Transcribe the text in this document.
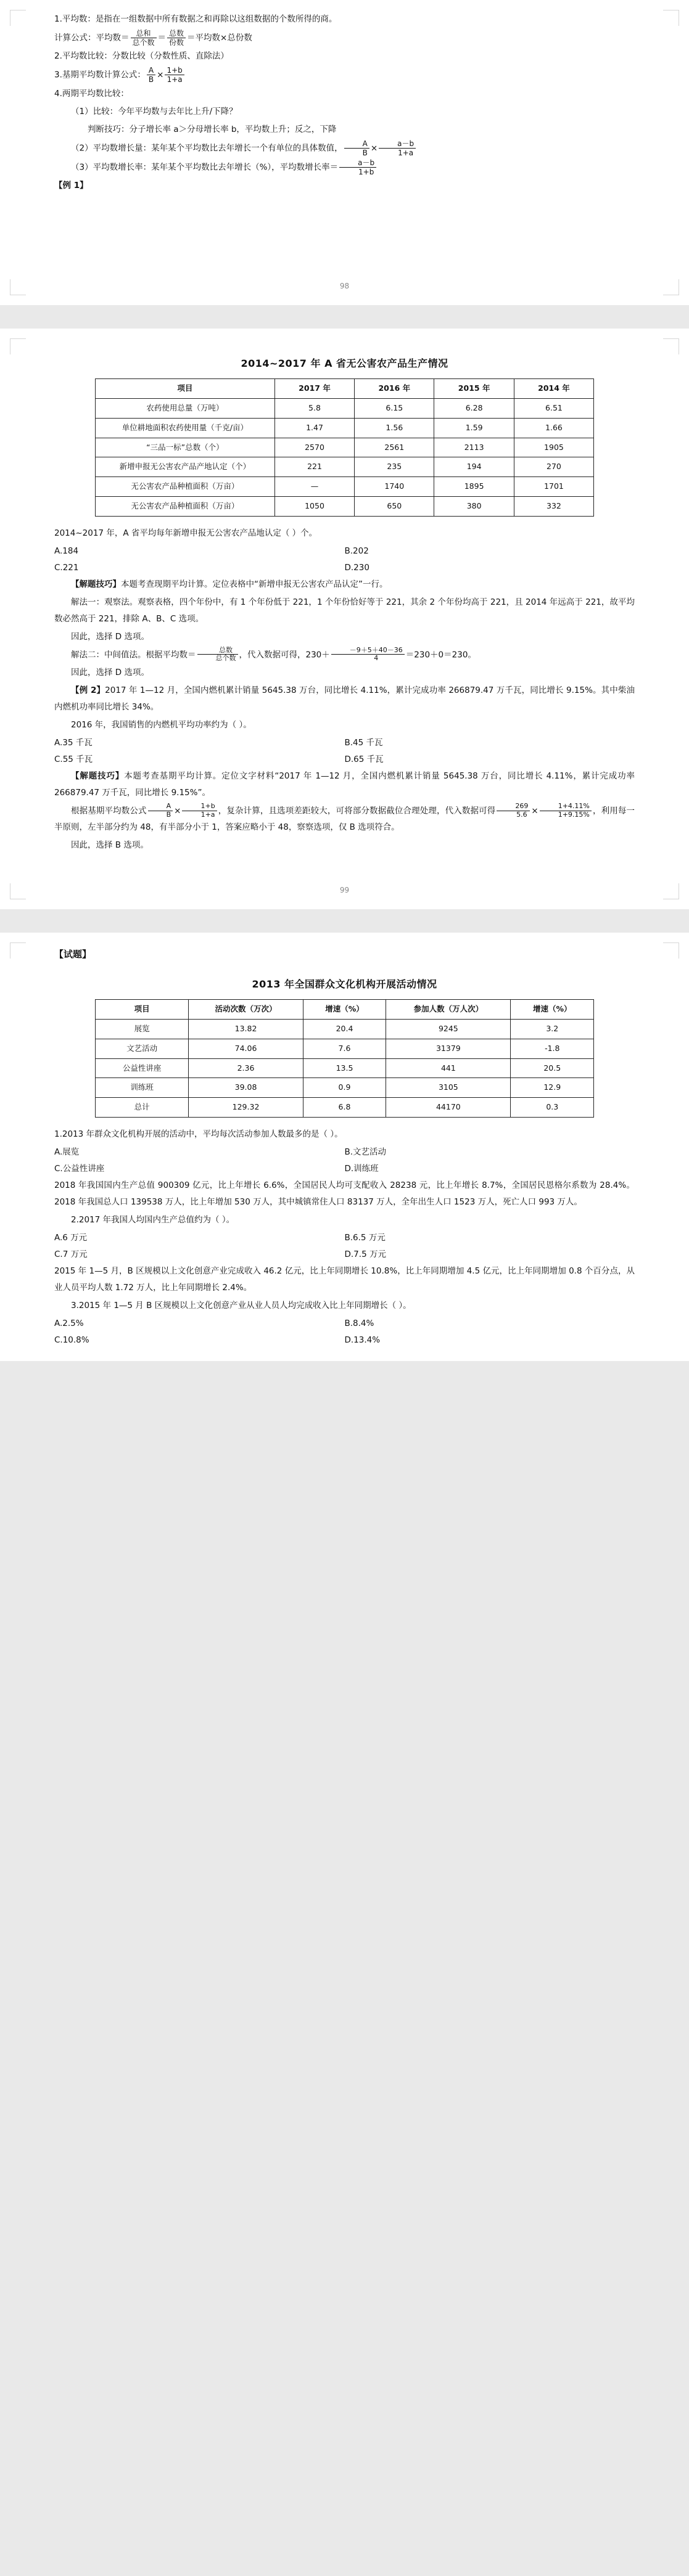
1.平均数：是指在一组数据中所有数据之和再除以这组数据的个数所得的商。

计算公式：平均数＝ $\frac{\text{总和}}{\text{总个数}} = \frac{\text{总数}}{\text{份数}}$ ＝平均数×总份数

2.平均数比较：分数比较（分数性质、直除法）

3.基期平均数计算公式： $\frac{A}{B} \times \frac{1+b}{1+a}$

4.两期平均数比较：

（1）比较：今年平均数与去年比上升/下降？

判断技巧：分子增长率 a＞分母增长率 b，平均数上升；反之，下降

（2）平均数增长量：某年某个平均数比去年增长一个有单位的具体数值， $\frac{A}{B} \times \frac{a-b}{1+a}$

（3）平均数增长率：某年某个平均数比去年增长（%），平均数增长率＝ $\frac{a-b}{1+b}$

【例 1】

98
2014~2017 年 A 省无公害农产品生产情况
项目	2017 年	2016 年	2015 年	2014 年
农药使用总量（万吨）	5.8	6.15	6.28	6.51
单位耕地面积农药使用量（千克/亩）	1.47	1.56	1.59	1.66
“三品一标”总数（个）	2570	2561	2113	1905
新增申报无公害农产品产地认定（个）	221	235	194	270
无公害农产品种植面积（万亩）	—	1740	1895	1701
无公害农产品种植面积（万亩）	1050	650	380	332

2014~2017 年，A 省平均每年新增申报无公害农产品地认定（ ）个。

A.184	B.202
C.221	D.230

【解题技巧】本题考查现期平均计算。定位表格中“新增申报无公害农产品认定”一行。

解法一：观察法。观察表格，四个年份中，有 1 个年份低于 221，1 个年份恰好等于 221，其余 2 个年份均高于 221，且 2014 年远高于 221，故平均数必然高于 221，排除 A、B、C 选项。

因此，选择 D 选项。

解法二：中间值法。根据平均数＝ $\frac{\text{总数}}{\text{总个数}}$ ，代入数据可得，$230+ \frac{-9+5+40-36}{4} =230+0=230$。

因此，选择 D 选项。

【例 2】2017 年 1—12 月，全国内燃机累计销量 5645.38 万台，同比增长 4.11%，累计完成功率 266879.47 万千瓦，同比增长 9.15%。其中柴油内燃机功率同比增长 34%。

2016 年，我国销售的内燃机平均功率约为（ ）。

A.35 千瓦	B.45 千瓦
C.55 千瓦	D.65 千瓦

【解题技巧】本题考查基期平均计算。定位文字材料“2017 年 1—12 月，全国内燃机累计销量 5645.38 万台，同比增长 4.11%，累计完成功率 266879.47 万千瓦，同比增长 9.15%”。

根据基期平均数公式 $\frac{A}{B} \times \frac{1+b}{1+a}$ ，复杂计算，且选项差距较大，可将部分数据截位合理处理，代入数据可得 $\frac{269}{5.6} \times \frac{1+4.11\%}{1+9.15\%}$ ，利用每一半原则，左半部分约为 48，有半部分小于 1，答案应略小于 48，察察选项，仅 B 选项符合。

因此，选择 B 选项。

99

【试题】

2013 年全国群众文化机构开展活动情况
项目	活动次数（万次）	增速（%）	参加人数（万人次）	增速（%）
展览	13.82	20.4	9245	3.2
文艺活动	74.06	7.6	31379	-1.8
公益性讲座	2.36	13.5	441	20.5
训练班	39.08	0.9	3105	12.9
总计	129.32	6.8	44170	0.3

1.2013 年群众文化机构开展的活动中，平均每次活动参加人数最多的是（ ）。

A.展览	B.文艺活动
C.公益性讲座	D.训练班

2018 年我国国内生产总值 900309 亿元，比上年增长 6.6%，全国居民人均可支配收入 28238 元，比上年增长 8.7%，全国居民恩格尔系数为 28.4%。2018 年我国总人口 139538 万人，比上年增加 530 万人，其中城镇常住人口 83137 万人，全年出生人口 1523 万人，死亡人口 993 万人。

2.2017 年我国人均国内生产总值约为（ ）。

A.6 万元	B.6.5 万元
C.7 万元	D.7.5 万元

2015 年 1—5 月，B 区规模以上文化创意产业完成收入 46.2 亿元，比上年同期增长 10.8%，比上年同期增加 4.5 亿元，比上年同期增加 0.8 个百分点，从业人员平均人数 1.72 万人，比上年同期增长 2.4%。

3.2015 年 1—5 月 B 区规模以上文化创意产业从业人员人均完成收入比上年同期增长（ ）。

A.2.5%	B.8.4%
C.10.8%	D.13.4%
